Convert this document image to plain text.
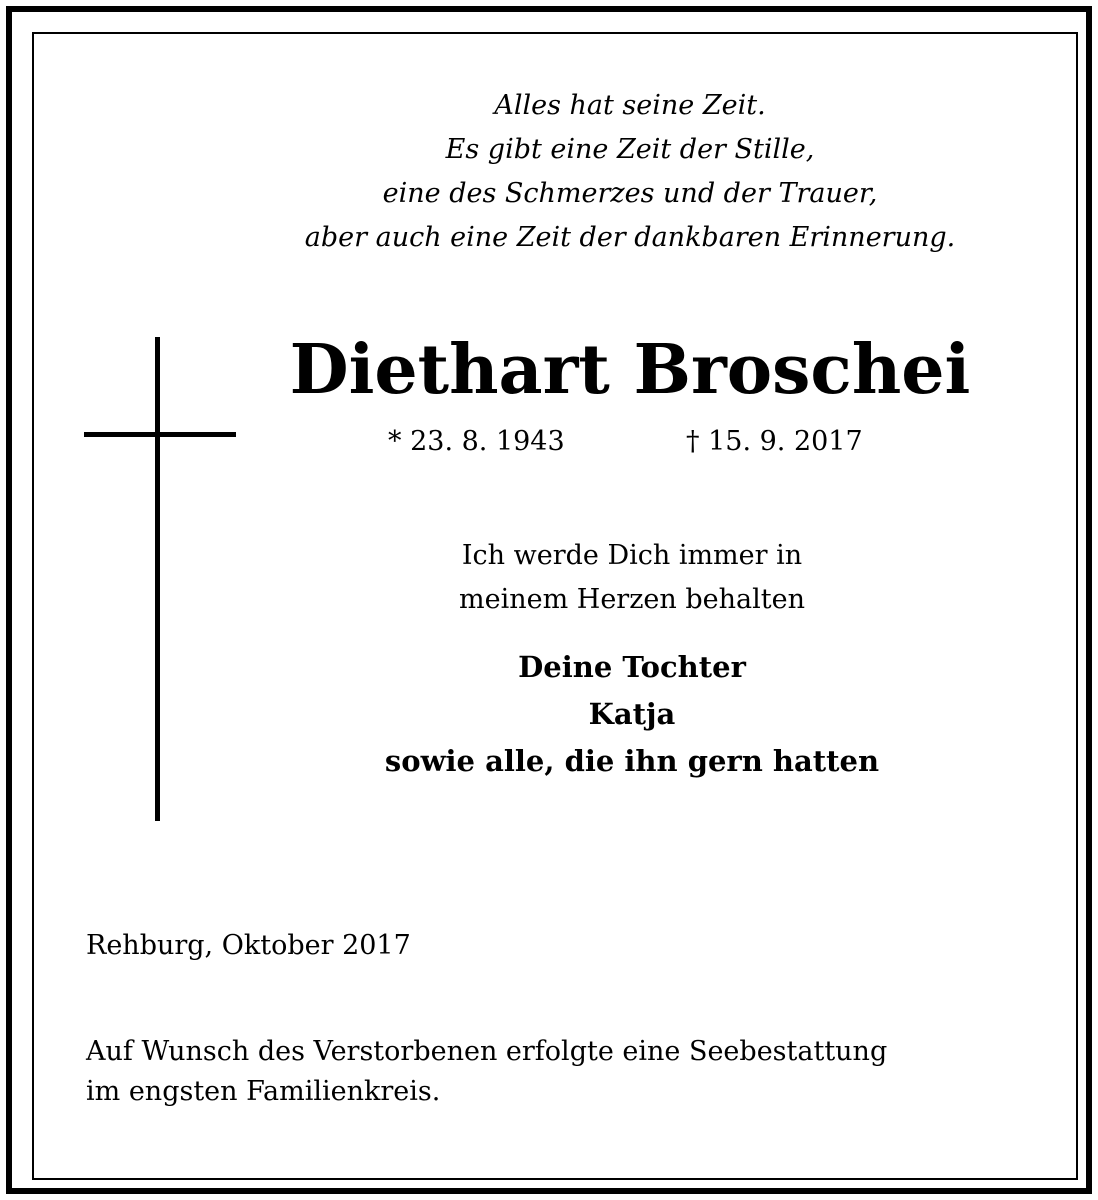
Alles hat seine Zeit.
Es gibt eine Zeit der Stille,
eine des Schmerzes und der Trauer,
aber auch eine Zeit der dankbaren Erinnerung.
Diethart Broschei
* 23. 8. 1943	† 15. 9. 2017
Ich werde Dich immer in
meinem Herzen behalten
Deine Tochter
Katja
sowie alle, die ihn gern hatten
Rehburg, Oktober 2017
Auf Wunsch des Verstorbenen erfolgte eine Seebestattung
im engsten Familienkreis.
